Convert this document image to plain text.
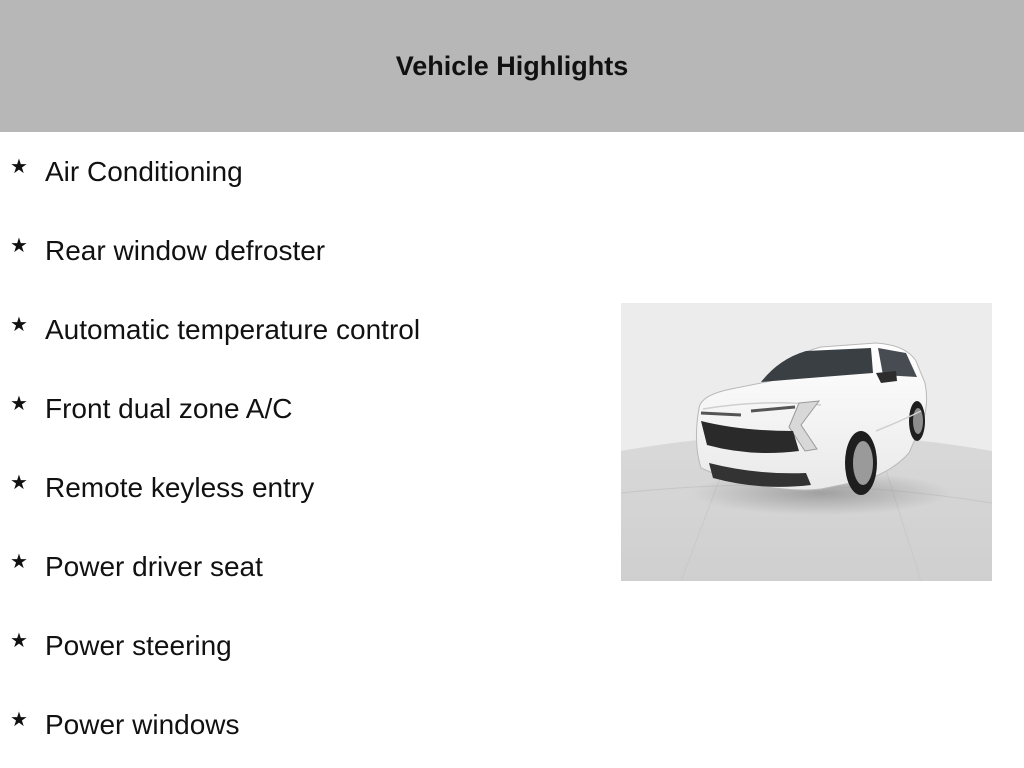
Vehicle Highlights
★ Air Conditioning
★ Rear window defroster
★ Automatic temperature control
★ Front dual zone A/C
★ Remote keyless entry
★ Power driver seat
★ Power steering
★ Power windows
